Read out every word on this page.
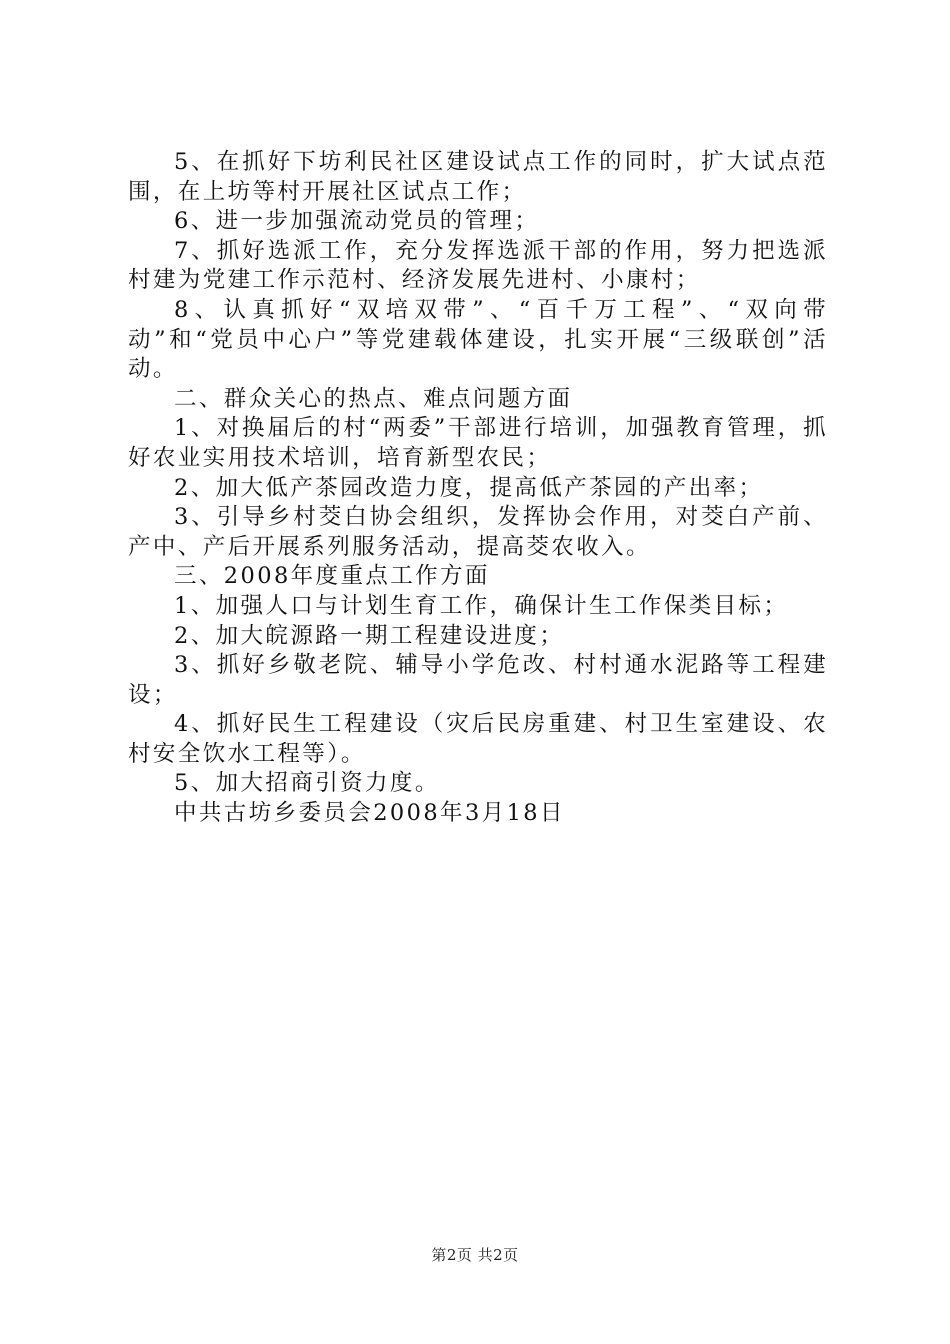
5、在抓好下坊利民社区建设试点工作的同时，扩大试点范围，在上坊等村开展社区试点工作；

6、进一步加强流动党员的管理；

7、抓好选派工作，充分发挥选派干部的作用，努力把选派村建为党建工作示范村、经济发展先进村、小康村；

8、认真抓好“双培双带”、“百千万工程”、“双向带动”和“党员中心户”等党建载体建设，扎实开展“三级联创”活动。

二、群众关心的热点、难点问题方面

1、对换届后的村“两委”干部进行培训，加强教育管理，抓好农业实用技术培训，培育新型农民；

2、加大低产茶园改造力度，提高低产茶园的产出率；

3、引导乡村茭白协会组织，发挥协会作用，对茭白产前、产中、产后开展系列服务活动，提高茭农收入。

三、2008年度重点工作方面

1、加强人口与计划生育工作，确保计生工作保类目标；

2、加大皖源路一期工程建设进度；

3、抓好乡敬老院、辅导小学危改、村村通水泥路等工程建设；

4、抓好民生工程建设（灾后民房重建、村卫生室建设、农村安全饮水工程等）。

5、加大招商引资力度。

中共古坊乡委员会2008年3月18日

第2页 共2页
